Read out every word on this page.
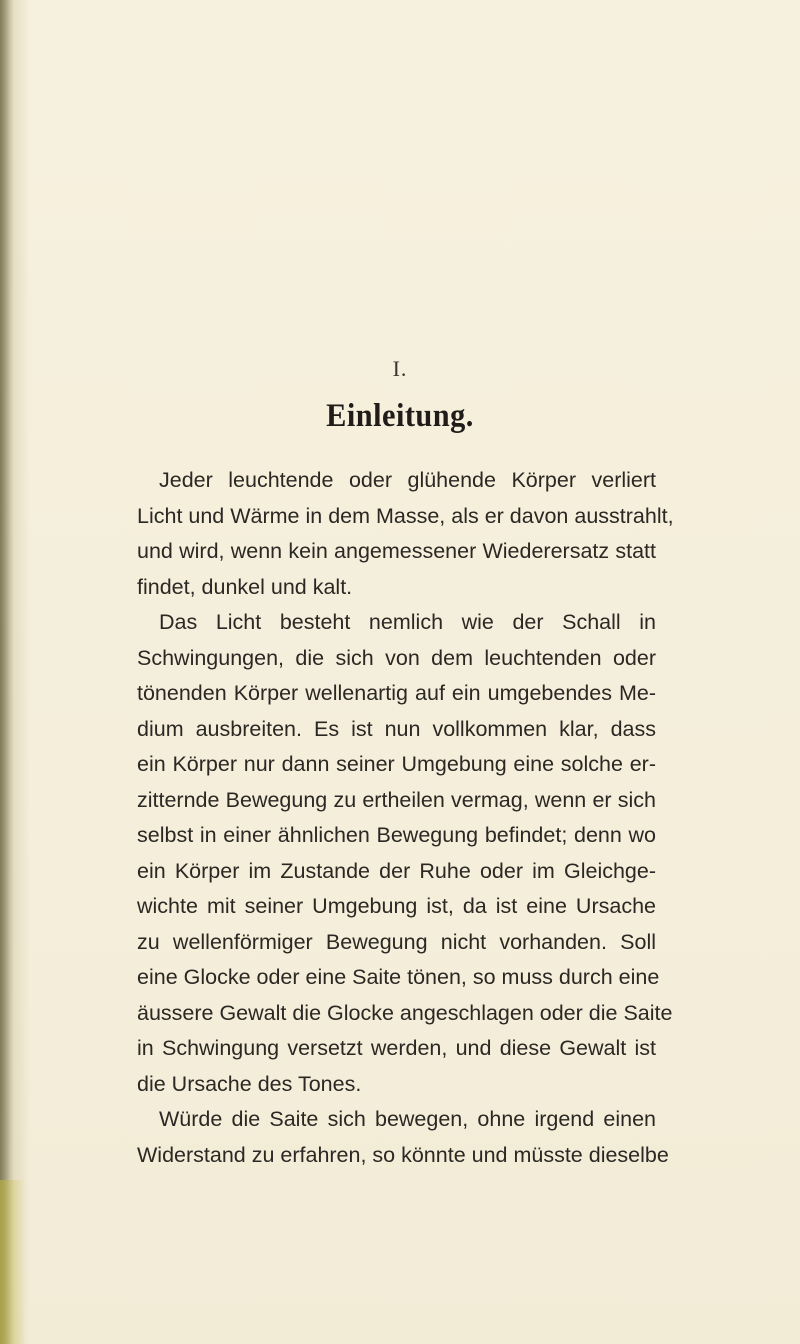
I.
Einleitung.
Jeder leuchtende oder glühende Körper verliert
Licht und Wärme in dem Masse, als er davon ausstrahlt,
und wird, wenn kein angemessener Wiederersatz statt
findet, dunkel und kalt.
Das Licht besteht nemlich wie der Schall in
Schwingungen, die sich von dem leuchtenden oder
tönenden Körper wellenartig auf ein umgebendes Me-
dium ausbreiten. Es ist nun vollkommen klar, dass
ein Körper nur dann seiner Umgebung eine solche er-
zitternde Bewegung zu ertheilen vermag, wenn er sich
selbst in einer ähnlichen Bewegung befindet; denn wo
ein Körper im Zustande der Ruhe oder im Gleichge-
wichte mit seiner Umgebung ist, da ist eine Ursache
zu wellenförmiger Bewegung nicht vorhanden. Soll
eine Glocke oder eine Saite tönen, so muss durch eine
äussere Gewalt die Glocke angeschlagen oder die Saite
in Schwingung versetzt werden, und diese Gewalt ist
die Ursache des Tones.
Würde die Saite sich bewegen, ohne irgend einen
Widerstand zu erfahren, so könnte und müsste dieselbe
